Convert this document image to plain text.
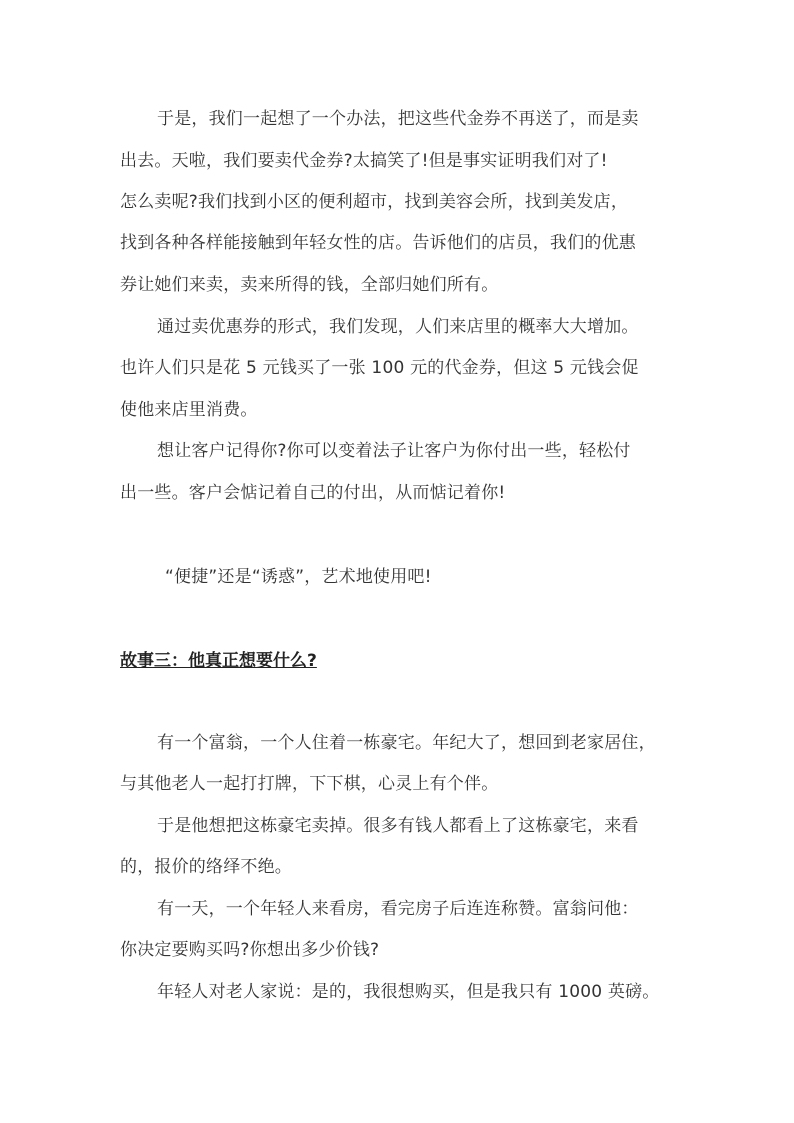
于是，我们一起想了一个办法，把这些代金券不再送了，而是卖
出去。天啦，我们要卖代金券?太搞笑了!但是事实证明我们对了!
怎么卖呢?我们找到小区的便利超市，找到美容会所，找到美发店，
找到各种各样能接触到年轻女性的店。告诉他们的店员，我们的优惠
券让她们来卖，卖来所得的钱，全部归她们所有。
通过卖优惠券的形式，我们发现，人们来店里的概率大大增加。
也许人们只是花 5 元钱买了一张 100 元的代金券，但这 5 元钱会促
使他来店里消费。
想让客户记得你?你可以变着法子让客户为你付出一些，轻松付
出一些。客户会惦记着自己的付出，从而惦记着你!
“便捷”还是“诱惑”，艺术地使用吧!
故事三：他真正想要什么?
有一个富翁，一个人住着一栋豪宅。年纪大了，想回到老家居住，
与其他老人一起打打牌，下下棋，心灵上有个伴。
于是他想把这栋豪宅卖掉。很多有钱人都看上了这栋豪宅，来看
的，报价的络绎不绝。
有一天，一个年轻人来看房，看完房子后连连称赞。富翁问他：
你决定要购买吗?你想出多少价钱?
年轻人对老人家说：是的，我很想购买，但是我只有 1000 英磅。
